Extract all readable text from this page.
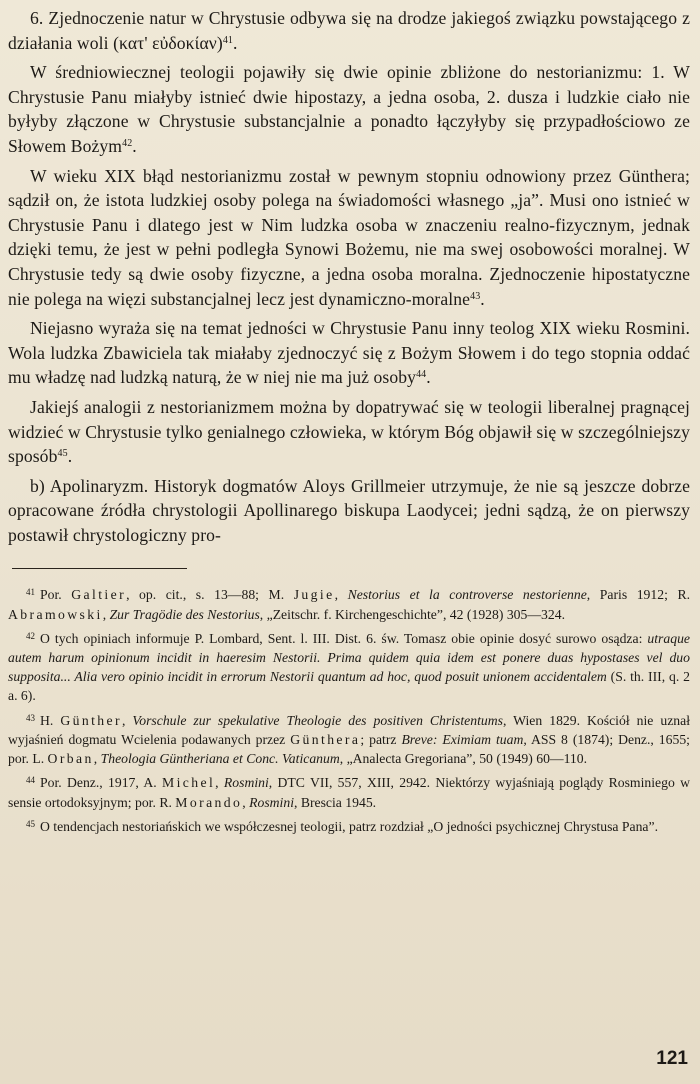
6. Zjednoczenie natur w Chrystusie odbywa się na drodze jakiegoś związku powstającego z działania woli (κατ' εὐδοκίαν)$^{41}$.

W średniowiecznej teologii pojawiły się dwie opinie zbliżone do nestorianizmu: 1. W Chrystusie Panu miałyby istnieć dwie hipostazy, a jedna osoba, 2. dusza i ludzkie ciało nie byłyby złączone w Chrystusie substancjalnie a ponadto łączyłyby się przypadłościowo ze Słowem Bożym$^{42}$.

W wieku XIX błąd nestorianizmu został w pewnym stopniu odnowiony przez Günthera; sądził on, że istota ludzkiej osoby polega na świadomości własnego „ja”. Musi ono istnieć w Chrystusie Panu i dlatego jest w Nim ludzka osoba w znaczeniu realno-fizycznym, jednak dzięki temu, że jest w pełni podległa Synowi Bożemu, nie ma swej osobowości moralnej. W Chrystusie tedy są dwie osoby fizyczne, a jedna osoba moralna. Zjednoczenie hipostatyczne nie polega na więzi substancjalnej lecz jest dynamiczno-moralne$^{43}$.

Niejasno wyraża się na temat jedności w Chrystusie Panu inny teolog XIX wieku Rosmini. Wola ludzka Zbawiciela tak miałaby zjednoczyć się z Bożym Słowem i do tego stopnia oddać mu władzę nad ludzką naturą, że w niej nie ma już osoby$^{44}$.

Jakiejś analogii z nestorianizmem można by dopatrywać się w teologii liberalnej pragnącej widzieć w Chrystusie tylko genialnego człowieka, w którym Bóg objawił się w szczególniejszy sposób$^{45}$.

b) Apolinaryzm. Historyk dogmatów Aloys Grillmeier utrzymuje, że nie są jeszcze dobrze opracowane źródła chrystologii Apollinarego biskupa Laodycei; jedni sądzą, że on pierwszy postawił chrystologiczny pro-

$^{41}$ Por. Galtier, op. cit., s. 13—88; M. Jugie, Nestorius et la controverse nestorienne, Paris 1912; R. Abramowski, Zur Tragödie des Nestorius, „Zeitschr. f. Kirchengeschichte”, 42 (1928) 305—324.

$^{42}$ O tych opiniach informuje P. Lombard, Sent. l. III. Dist. 6. św. Tomasz obie opinie dosyć surowo osądza: utraque autem harum opinionum incidit in haeresim Nestorii. Prima quidem quia idem est ponere duas hypostases vel duo supposita... Alia vero opinio incidit in errorum Nestorii quantum ad hoc, quod posuit unionem accidentalem (S. th. III, q. 2 a. 6).

$^{43}$ H. Günther, Vorschule zur spekulative Theologie des positiven Christentums, Wien 1829. Kościół nie uznał wyjaśnień dogmatu Wcielenia podawanych przez Günthera; patrz Breve: Eximiam tuam, ASS 8 (1874); Denz., 1655; por. L. Orban, Theologia Güntheriana et Conc. Vaticanum, „Analecta Gregoriana”, 50 (1949) 60—110.

$^{44}$ Por. Denz., 1917, A. Michel, Rosmini, DTC VII, 557, XIII, 2942. Niektórzy wyjaśniają poglądy Rosminiego w sensie ortodoksyjnym; por. R. Morando, Rosmini, Brescia 1945.

$^{45}$ O tendencjach nestoriańskich we współczesnej teologii, patrz rozdział „O jedności psychicznej Chrystusa Pana”.

121
